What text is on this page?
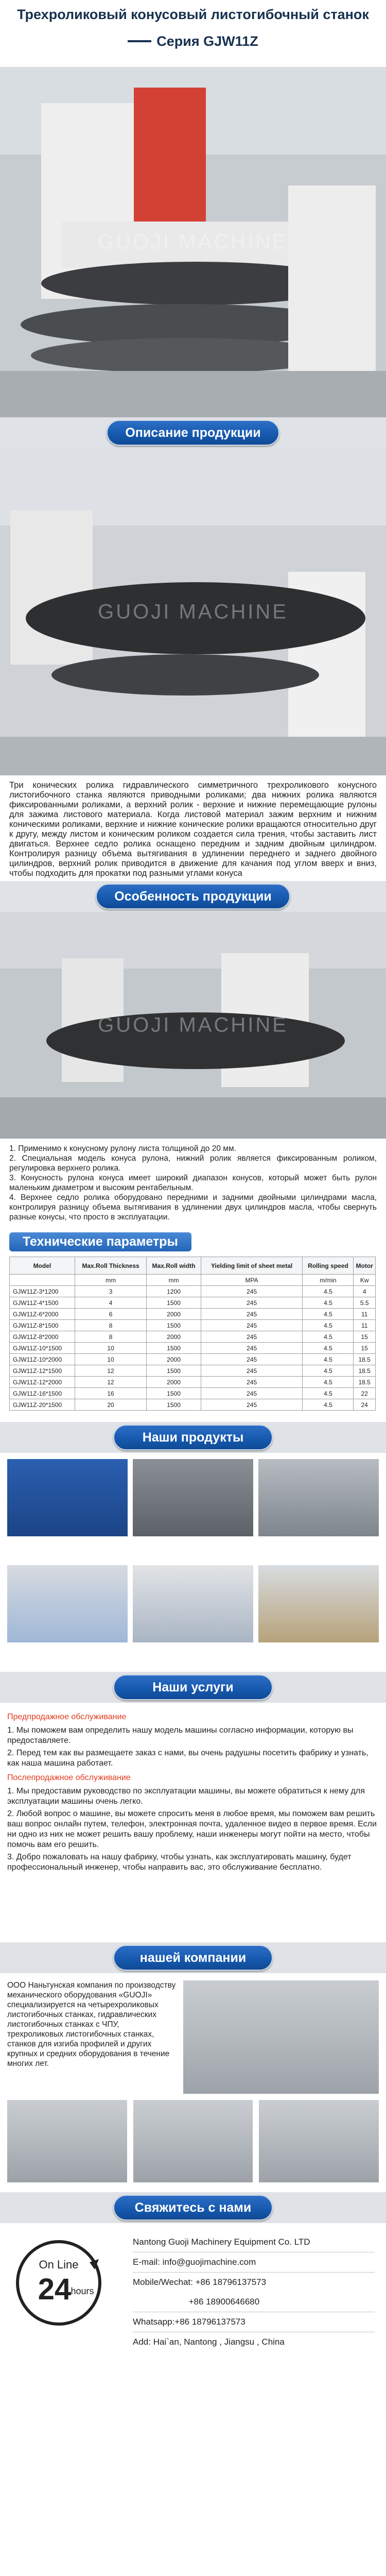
Трехроликовый конусовый листогибочный станок
Серия GJW11Z
GUOJI MACHINE
Описание продукции
GUOJI MACHINE
Три конических ролика гидравлического симметричного трехроликового конусного листогибочного станка являются приводными роликами; два нижних ролика являются фиксированными роликами, а верхний ролик - верхние и нижние перемещающие рулоны для зажима листового материала. Когда листовой материал зажим верхним и нижним коническими роликами, верхние и нижние конические ролики вращаются относительно друг к другу, между листом и коническим роликом создается сила трения, чтобы заставить лист двигаться. Верхнее седло ролика оснащено передним и задним двойным цилиндром. Контролируя разницу объема вытягивания в удлинении переднего и заднего двойного цилиндров, верхний ролик приводится в движение для качания под углом вверх и вниз, чтобы подходить для прокатки под разными углами конуса
Особенность продукции
GUOJI MACHINE

1. Применимо к конусному рулону листа толщиной до 20 мм.

2. Специальная модель конуса рулона, нижний ролик является фиксированным роликом, регулировка верхнего ролика.

3. Конусность рулона конуса имеет широкий диапазон конусов, который может быть рулон маленьким диаметром и высоким рентабельным.

4. Верхнее седло ролика оборудовано передними и задними двойными цилиндрами масла, контролируя разницу объема вытягивания в удлинении двух цилиндров масла, чтобы свернуть разные конусы, что просто в эксплуатации.

Технические параметры
Model	Max.Roll Thickness	Max.Roll width	Yielding limit of sheet metal	Rolling speed	Motor
	mm	mm	MPA	m/min	Kw
GJW11Z-3*1200	3	1200	245	4.5	4
GJW11Z-4*1500	4	1500	245	4.5	5.5
GJW11Z-6*2000	6	2000	245	4.5	11
GJW11Z-8*1500	8	1500	245	4.5	11
GJW11Z-8*2000	8	2000	245	4.5	15
GJW11Z-10*1500	10	1500	245	4.5	15
GJW11Z-10*2000	10	2000	245	4.5	18.5
GJW11Z-12*1500	12	1500	245	4.5	18.5
GJW11Z-12*2000	12	2000	245	4.5	18.5
GJW11Z-16*1500	16	1500	245	4.5	22
GJW11Z-20*1500	20	1500	245	4.5	24
Наши продукты
Наши услуги
Предпродажное обслуживание

1. Мы поможем вам определить нашу модель машины согласно информации, которую вы предоставляете.

2. Перед тем как вы размещаете заказ с нами, вы очень радушны посетить фабрику и узнать, как наша машина работает.

Послепродажное обслуживание

1. Мы предоставим руководство по эксплуатации машины, вы можете обратиться к нему для эксплуатации машины очень легко.

2. Любой вопрос о машине, вы можете спросить меня в любое время, мы поможем вам решить ваш вопрос онлайн путем, телефон, электронная почта, удаленное видео в первое время. Если ни одно из них не может решить вашу проблему, наши инженеры могут пойти на место, чтобы помочь вам его решить.

3. Добро пожаловать на нашу фабрику, чтобы узнать, как эксплуатировать машину, будет профессиональный инженер, чтобы направить вас, это обслуживание бесплатно.

нашей компании
ООО Наньтунская компания по производству механического оборудования «GUOJI» специализируется на четырехроликовых листогибочных станках, гидравлических листогибочных станках с ЧПУ, трехроликовых листогибочных станках, станков для изгиба профилей и других крупных и средних оборудования в течение многих лет.
Свяжитесь с нами
On Line
24 hours
Nantong Guoji Machinery Equipment Co. LTD
E-mail: info@guojimachine.com
Mobile/Wechat: +86 18796137573
+86 18900646680
Whatsapp:+86 18796137573
Add: Hai`an, Nantong , Jiangsu , China
